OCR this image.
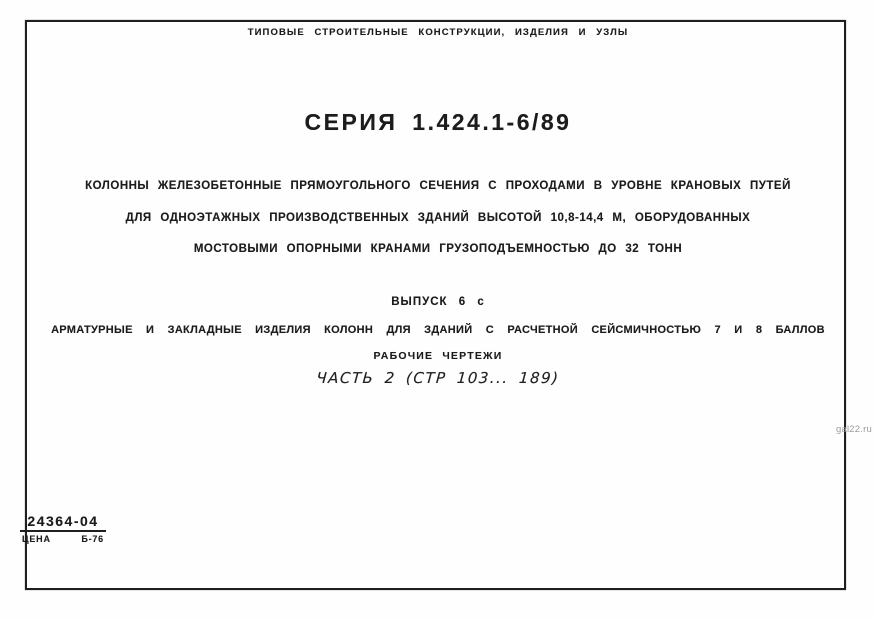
ТИПОВЫЕ СТРОИТЕЛЬНЫЕ КОНСТРУКЦИИ, ИЗДЕЛИЯ И УЗЛЫ
СЕРИЯ 1.424.1-6/89
КОЛОННЫ ЖЕЛЕЗОБЕТОННЫЕ ПРЯМОУГОЛЬНОГО СЕЧЕНИЯ С ПРОХОДАМИ В УРОВНЕ КРАНОВЫХ ПУТЕЙ
ДЛЯ ОДНОЭТАЖНЫХ ПРОИЗВОДСТВЕННЫХ ЗДАНИЙ ВЫСОТОЙ 10,8-14,4 М, ОБОРУДОВАННЫХ
МОСТОВЫМИ ОПОРНЫМИ КРАНАМИ ГРУЗОПОДЪЕМНОСТЬЮ ДО 32 ТОНН
ВЫПУСК 6 с
АРМАТУРНЫЕ И ЗАКЛАДНЫЕ ИЗДЕЛИЯ КОЛОНН ДЛЯ ЗДАНИЙ С РАСЧЕТНОЙ СЕЙСМИЧНОСТЬЮ 7 И 8 БАЛЛОВ
РАБОЧИЕ ЧЕРТЕЖИ
ЧАСТЬ 2 (СТР 103... 189)
24364-04
ЦЕНА	Б-76
gal22.ru
